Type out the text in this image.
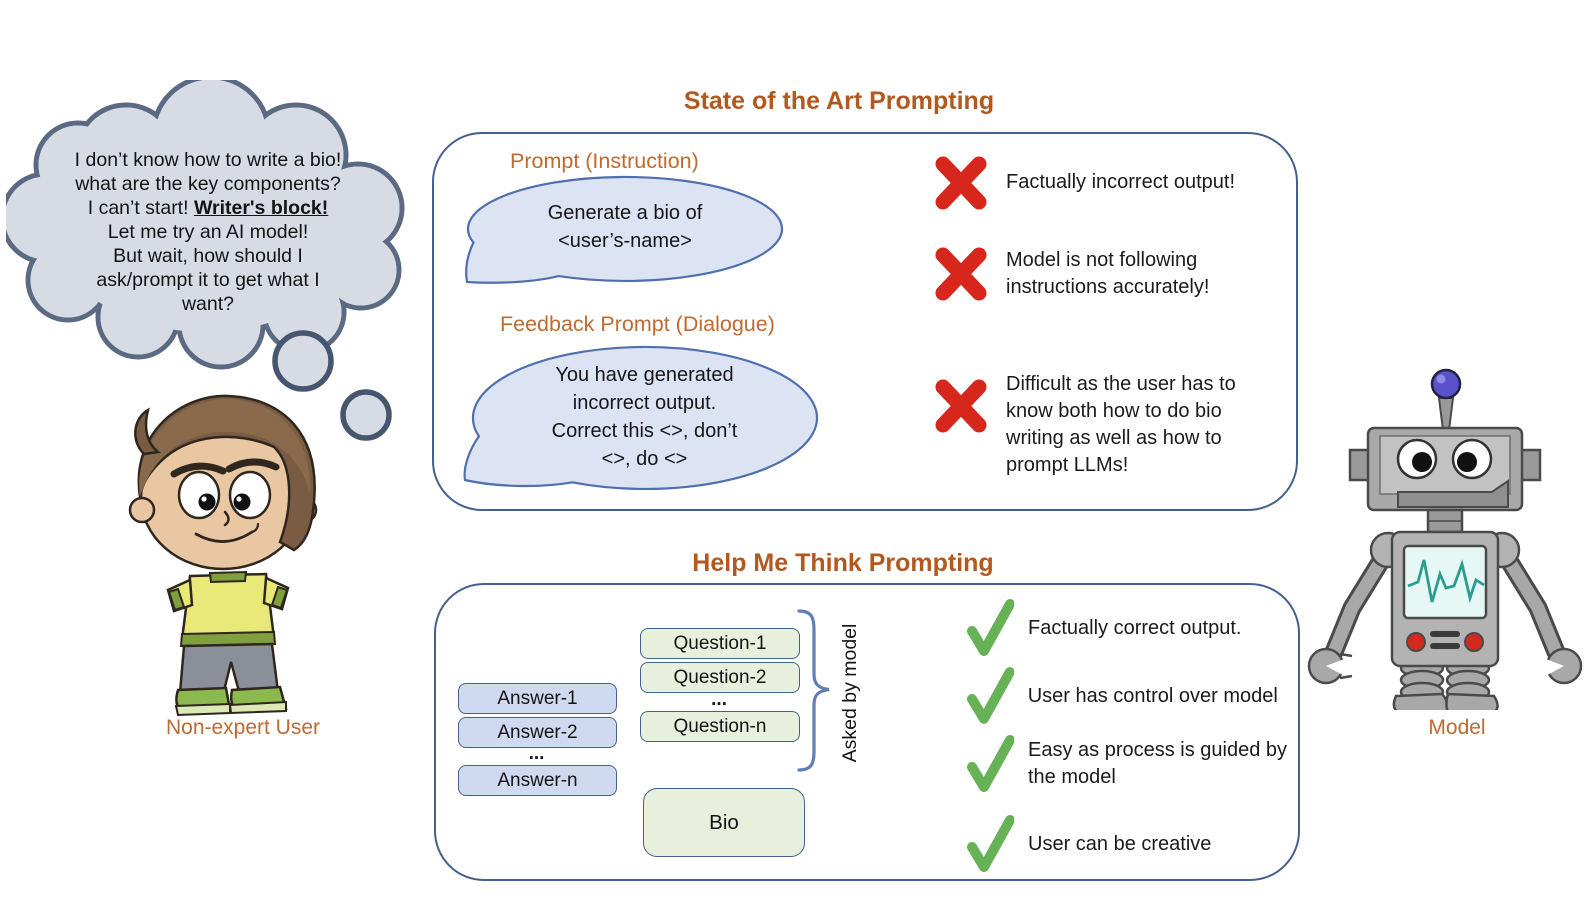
I don’t know how to write a bio!
what are the key components?
I can’t start! Writer's block!
Let me try an AI model!
But wait, how should I
ask/prompt it to get what I
want?
Non-expert User	Model
State of the Art Prompting
Prompt (Instruction)
Generate a bio of
<user’s-name>
Feedback Prompt (Dialogue)
You have generated
incorrect output.
Correct this <>, don’t
<>, do <>
Factually incorrect output!
Model is not following instructions accurately!
Difficult as the user has to know both how to do bio writing as well as how to prompt LLMs!
Help Me Think Prompting
Question-1
Question-2
...
Question-n
Answer-1
Answer-2
...
Answer-n
Asked by model
Bio
Factually correct output.
User has control over model
Easy as process is guided by the model
User can be creative
